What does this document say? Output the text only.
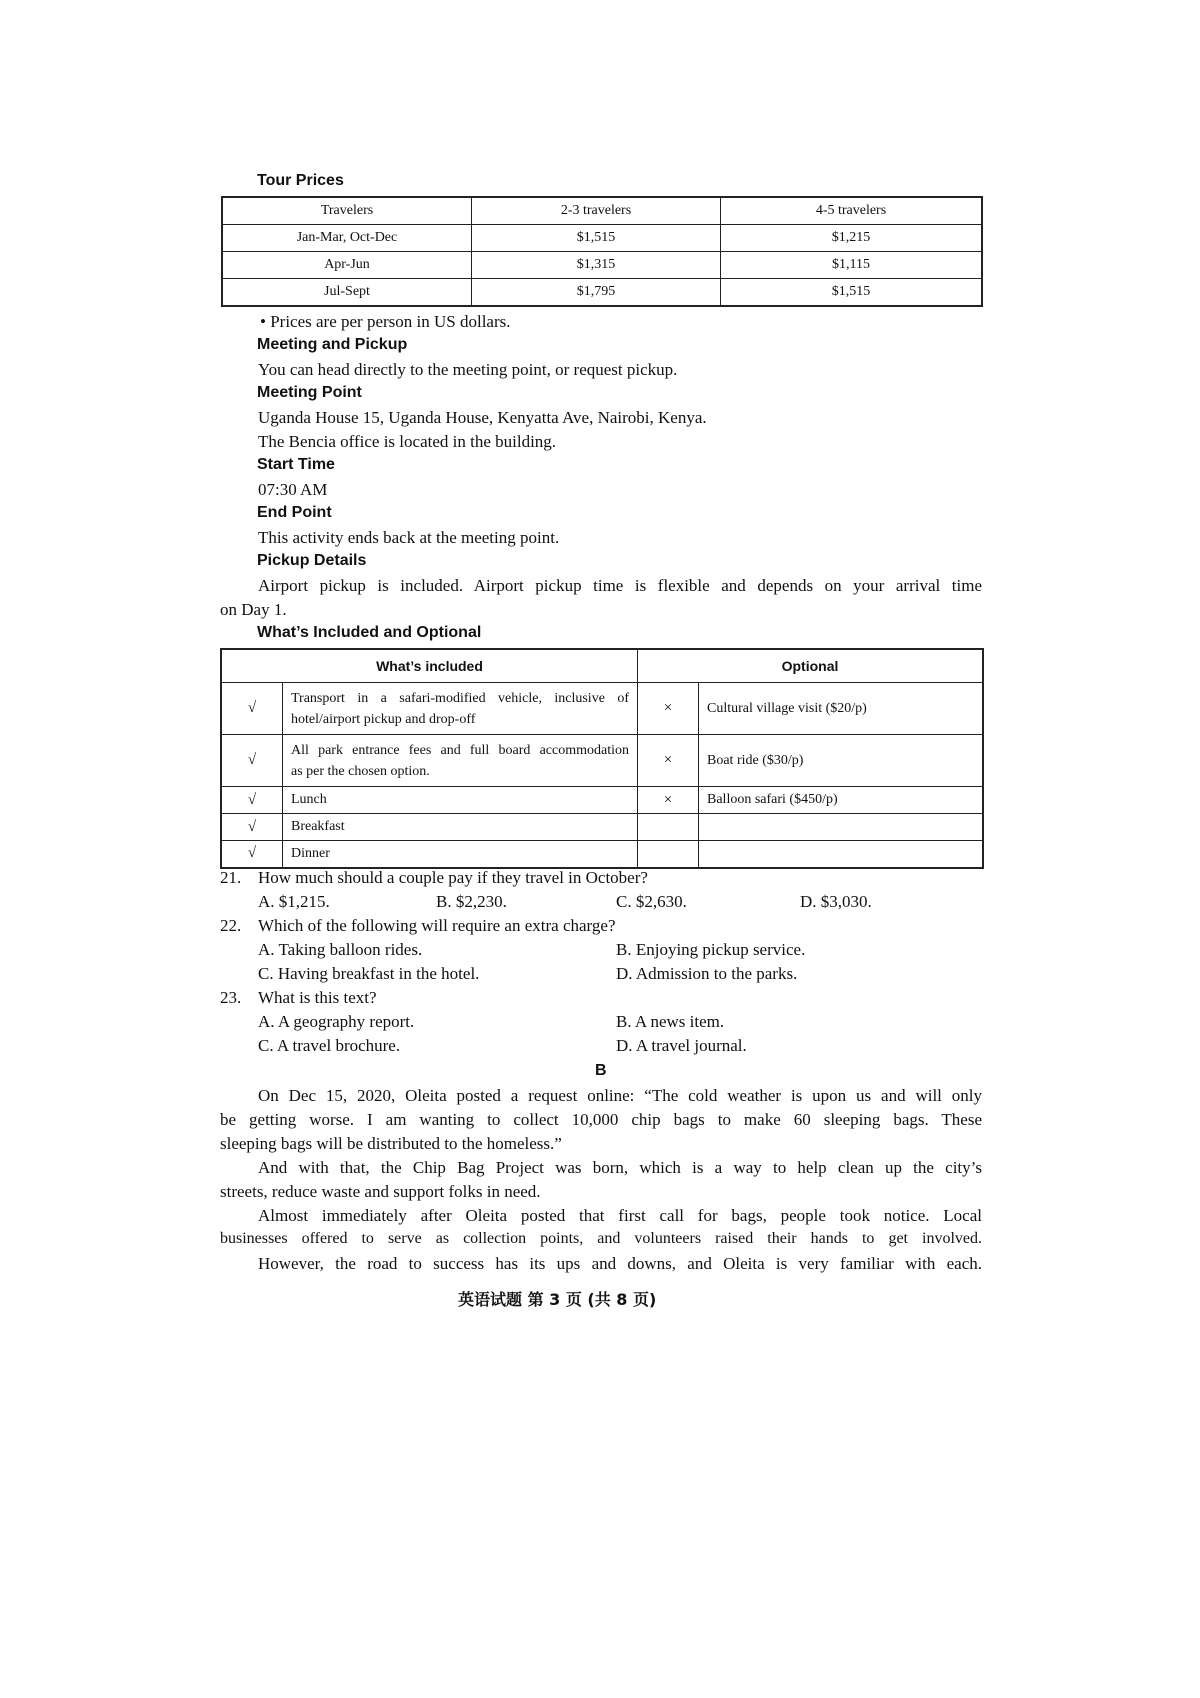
Tour Prices
Travelers	2-3 travelers	4-5 travelers
Jan-Mar, Oct-Dec	$1,515	$1,215
Apr-Jun	$1,315	$1,115
Jul-Sept	$1,795	$1,515
• Prices are per person in US dollars.
Meeting and Pickup
You can head directly to the meeting point, or request pickup.
Meeting Point
Uganda House 15, Uganda House, Kenyatta Ave, Nairobi, Kenya.
The Bencia office is located in the building.
Start Time
07:30 AM
End Point
This activity ends back at the meeting point.
Pickup Details
Airport pickup is included. Airport pickup time is flexible and depends on your arrival time
on Day 1.
What’s Included and Optional
What’s included		Optional	
√	Transport in a safari-modified vehicle, inclusive of
hotel/airport pickup and drop-off	×	Cultural village visit ($20/p)
√	All park entrance fees and full board accommodation
as per the chosen option.	×	Boat ride ($30/p)
√	Lunch	×	Balloon safari ($450/p)
√	Breakfast		
√	Dinner		
21. How much should a couple pay if they travel in October?
A. $1,215.	B. $2,230.	C. $2,630.	D. $3,030.
22. Which of the following will require an extra charge?
A. Taking balloon rides.	B. Enjoying pickup service.
C. Having breakfast in the hotel.	D. Admission to the parks.
23. What is this text?
A. A geography report.	B. A news item.
C. A travel brochure.	D. A travel journal.
B
On Dec 15, 2020, Oleita posted a request online: “The cold weather is upon us and will only
be getting worse. I am wanting to collect 10,000 chip bags to make 60 sleeping bags. These
sleeping bags will be distributed to the homeless.”
And with that, the Chip Bag Project was born, which is a way to help clean up the city’s
streets, reduce waste and support folks in need.
Almost immediately after Oleita posted that first call for bags, people took notice. Local
businesses offered to serve as collection points, and volunteers raised their hands to get involved.
However, the road to success has its ups and downs, and Oleita is very familiar with each.
英语试题 第 3 页 (共 8 页)
